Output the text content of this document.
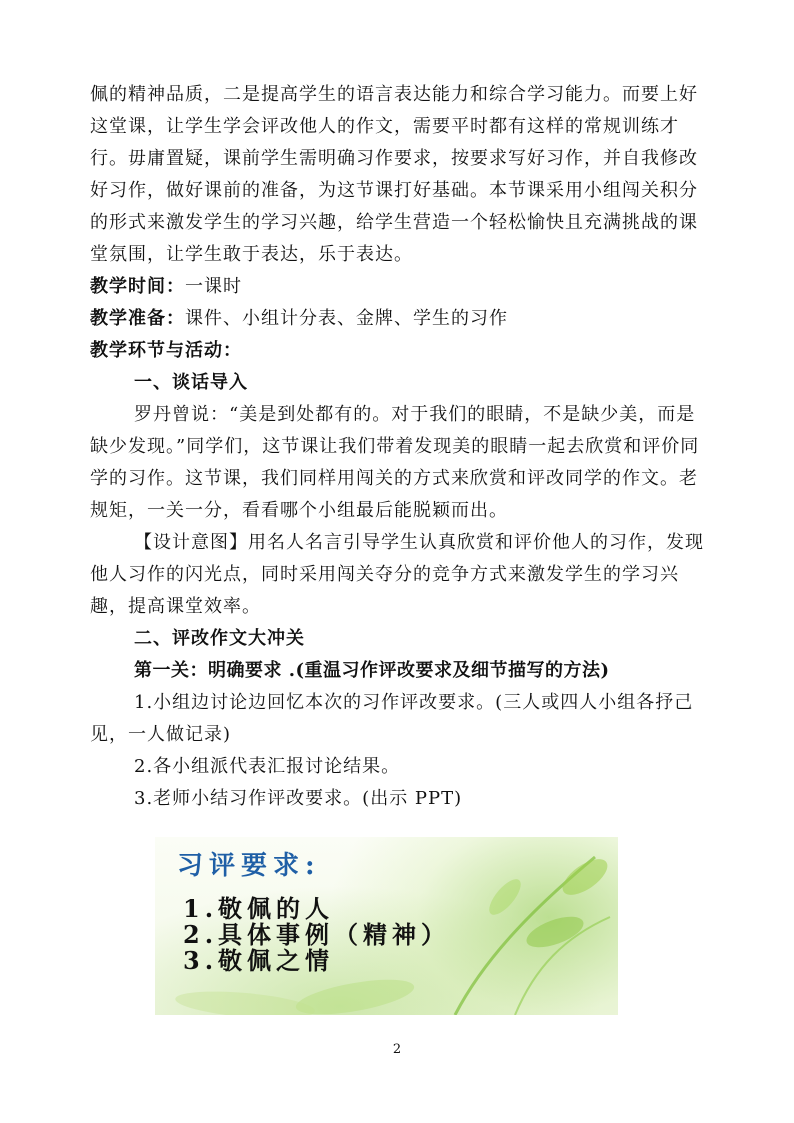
佩的精神品质，二是提高学生的语言表达能力和综合学习能力。而要上好这堂课，让学生学会评改他人的作文，需要平时都有这样的常规训练才行。毋庸置疑，课前学生需明确习作要求，按要求写好习作，并自我修改好习作，做好课前的准备，为这节课打好基础。本节课采用小组闯关积分的形式来激发学生的学习兴趣，给学生营造一个轻松愉快且充满挑战的课堂氛围，让学生敢于表达，乐于表达。
教学时间：一课时
教学准备：课件、小组计分表、金牌、学生的习作
教学环节与活动：
一、谈话导入
罗丹曾说：“美是到处都有的。对于我们的眼睛，不是缺少美，而是缺少发现。”同学们，这节课让我们带着发现美的眼睛一起去欣赏和评价同学的习作。这节课，我们同样用闯关的方式来欣赏和评改同学的作文。老规矩，一关一分，看看哪个小组最后能脱颖而出。
【设计意图】用名人名言引导学生认真欣赏和评价他人的习作，发现他人习作的闪光点，同时采用闯关夺分的竞争方式来激发学生的学习兴趣，提高课堂效率。
二、评改作文大冲关
第一关：明确要求 .(重温习作评改要求及细节描写的方法)
1.小组边讨论边回忆本次的习作评改要求。(三人或四人小组各抒己见，一人做记录)
2.各小组派代表汇报讨论结果。
3.老师小结习作评改要求。(出示 PPT)
习评要求:
1.敬佩的人
2.具体事例（精神）
3.敬佩之情
2
